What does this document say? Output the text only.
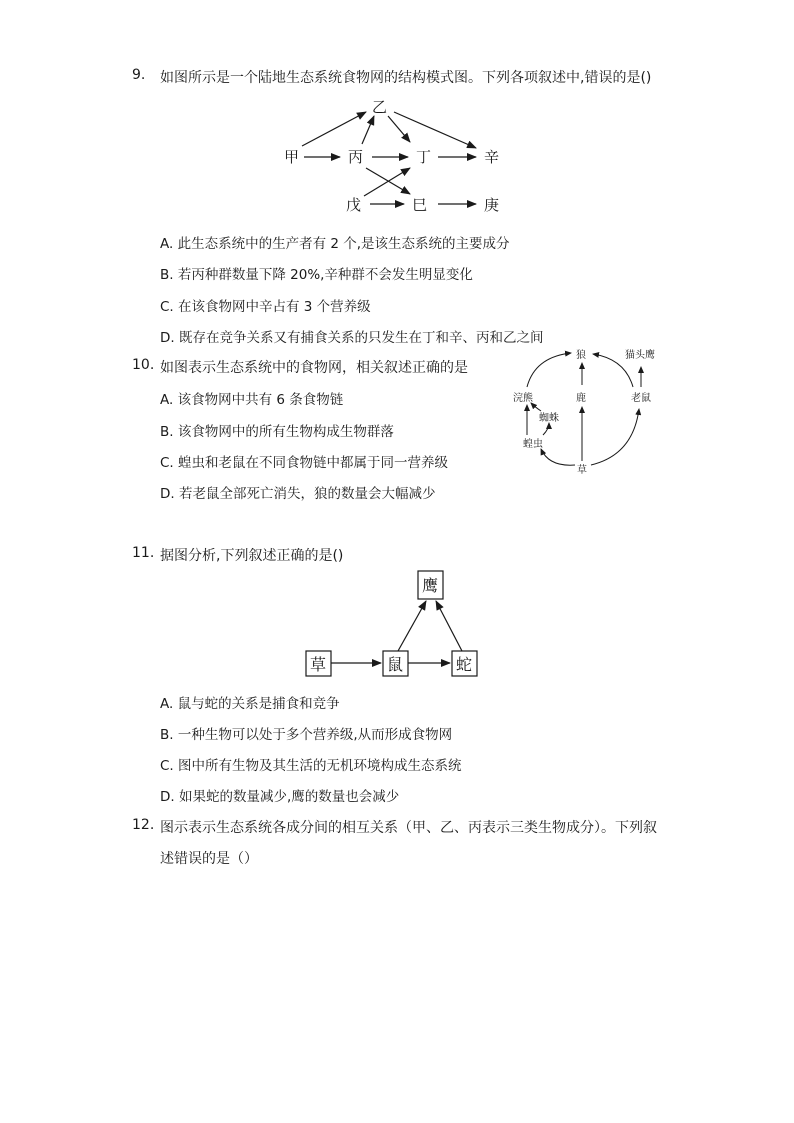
9. 如图所示是一个陆地生态系统食物网的结构模式图。下列各项叙述中,错误的是()
甲	丙
乙
丁	辛
戊	巳	庚
A. 此生态系统中的生产者有 2 个,是该生态系统的主要成分
B. 若丙种群数量下降 20%,辛种群不会发生明显变化
C. 在该食物网中辛占有 3 个营养级
D. 既存在竞争关系又有捕食关系的只发生在丁和辛、丙和乙之间
10. 如图表示生态系统中的食物网，相关叙述正确的是
狼	猫头鹰
浣熊	鹿	老鼠
蜘蛛
蝗虫
草
A. 该食物网中共有 6 条食物链
B. 该食物网中的所有生物构成生物群落
C. 蝗虫和老鼠在不同食物链中都属于同一营养级
D. 若老鼠全部死亡消失，狼的数量会大幅减少
11. 据图分析,下列叙述正确的是()
鹰
草	鼠	蛇
A. 鼠与蛇的关系是捕食和竞争
B. 一种生物可以处于多个营养级,从而形成食物网
C. 图中所有生物及其生活的无机环境构成生态系统
D. 如果蛇的数量减少,鹰的数量也会减少
12. 图示表示生态系统各成分间的相互关系（甲、乙、丙表示三类生物成分）。下列叙
述错误的是（）
